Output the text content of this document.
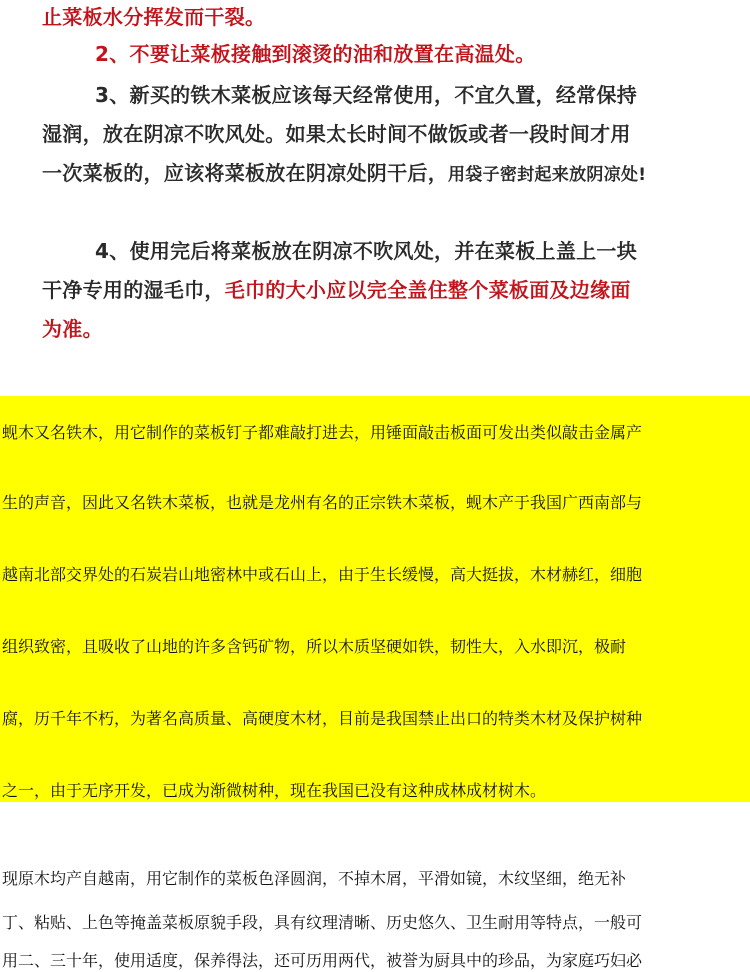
止菜板水分挥发而干裂。
2、不要让菜板接触到滚烫的油和放置在高温处。
3、新买的铁木菜板应该每天经常使用，不宜久置，经常保持
湿润，放在阴凉不吹风处。如果太长时间不做饭或者一段时间才用
一次菜板的，应该将菜板放在阴凉处阴干后，用袋子密封起来放阴凉处!
4、使用完后将菜板放在阴凉不吹风处，并在菜板上盖上一块
干净专用的湿毛巾，毛巾的大小应以完全盖住整个菜板面及边缘面
为准。
蚬木又名铁木，用它制作的菜板钉子都难敲打进去，用锤面敲击板面可发出类似敲击金属产
生的声音，因此又名铁木菜板，也就是龙州有名的正宗铁木菜板，蚬木产于我国广西南部与
越南北部交界处的石炭岩山地密林中或石山上，由于生长缓慢，高大挺拔，木材赫红，细胞
组织致密，且吸收了山地的许多含钙矿物，所以木质坚硬如铁，韧性大，入水即沉，极耐
腐，历千年不朽，为著名高质量、高硬度木材，目前是我国禁止出口的特类木材及保护树种
之一，由于无序开发，已成为渐微树种，现在我国已没有这种成林成材树木。
现原木均产自越南，用它制作的菜板色泽圆润，不掉木屑，平滑如镜，木纹坚细，绝无补
丁、粘贴、上色等掩盖菜板原貌手段，具有纹理清晰、历史悠久、卫生耐用等特点，一般可
用二、三十年，使用适度，保养得法，还可历用两代，被誉为厨具中的珍品，为家庭巧妇必
